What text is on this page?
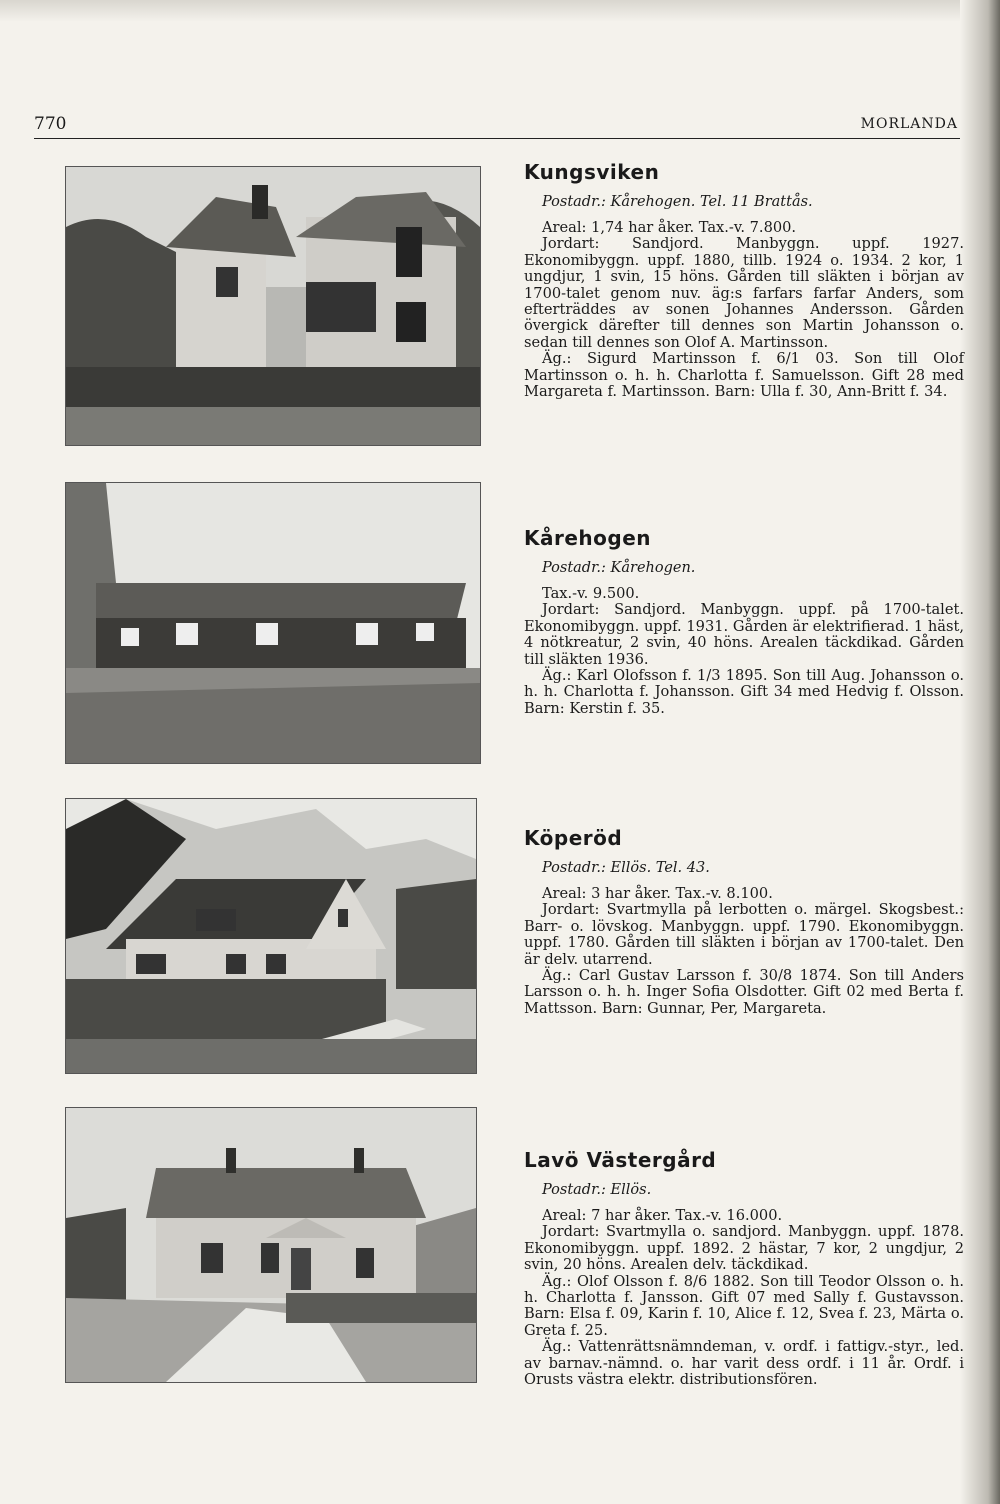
770	MORLANDA
Kungsviken
Postadr.: Kårehogen. Tel. 11 Brattås.

Areal: 1,74 har åker. Tax.-v. 7.800.

Jordart: Sandjord. Manbyggn. uppf. 1927. Ekonomibyggn. uppf. 1880, tillb. 1924 o. 1934. 2 kor, 1 ungdjur, 1 svin, 15 höns. Gården till släkten i början av 1700-talet genom nuv. äg:s farfars farfar Anders, som efterträddes av sonen Johannes Andersson. Gården övergick därefter till dennes son Martin Johansson o. sedan till dennes son Olof A. Martinsson.

Äg.: Sigurd Martinsson f. 6/1 03. Son till Olof Martinsson o. h. h. Charlotta f. Samuelsson. Gift 28 med Margareta f. Martinsson. Barn: Ulla f. 30, Ann-Britt f. 34.

Kårehogen
Postadr.: Kårehogen.

Tax.-v. 9.500.

Jordart: Sandjord. Manbyggn. uppf. på 1700-talet. Ekonomibyggn. uppf. 1931. Gården är elektrifierad. 1 häst, 4 nötkreatur, 2 svin, 40 höns. Arealen täckdikad. Gården till släkten 1936.

Äg.: Karl Olofsson f. 1/3 1895. Son till Aug. Johansson o. h. h. Charlotta f. Johansson. Gift 34 med Hedvig f. Olsson. Barn: Kerstin f. 35.

Köperöd
Postadr.: Ellös. Tel. 43.

Areal: 3 har åker. Tax.-v. 8.100.

Jordart: Svartmylla på lerbotten o. märgel. Skogsbest.: Barr- o. lövskog. Manbyggn. uppf. 1790. Ekonomibyggn. uppf. 1780. Gården till släkten i början av 1700-talet. Den är delv. utarrend.

Äg.: Carl Gustav Larsson f. 30/8 1874. Son till Anders Larsson o. h. h. Inger Sofia Olsdotter. Gift 02 med Berta f. Mattsson. Barn: Gunnar, Per, Margareta.

Lavö Västergård
Postadr.: Ellös.

Areal: 7 har åker. Tax.-v. 16.000.

Jordart: Svartmylla o. sandjord. Manbyggn. uppf. 1878. Ekonomibyggn. uppf. 1892. 2 hästar, 7 kor, 2 ungdjur, 2 svin, 20 höns. Arealen delv. täckdikad.

Äg.: Olof Olsson f. 8/6 1882. Son till Teodor Olsson o. h. h. Charlotta f. Jansson. Gift 07 med Sally f. Gustavsson. Barn: Elsa f. 09, Karin f. 10, Alice f. 12, Svea f. 23, Märta o. Greta f. 25.

Äg.: Vattenrättsnämndeman, v. ordf. i fattigv.-styr., led. av barnav.-nämnd. o. har varit dess ordf. i 11 år. Ordf. i Orusts västra elektr. distributionsfören.
